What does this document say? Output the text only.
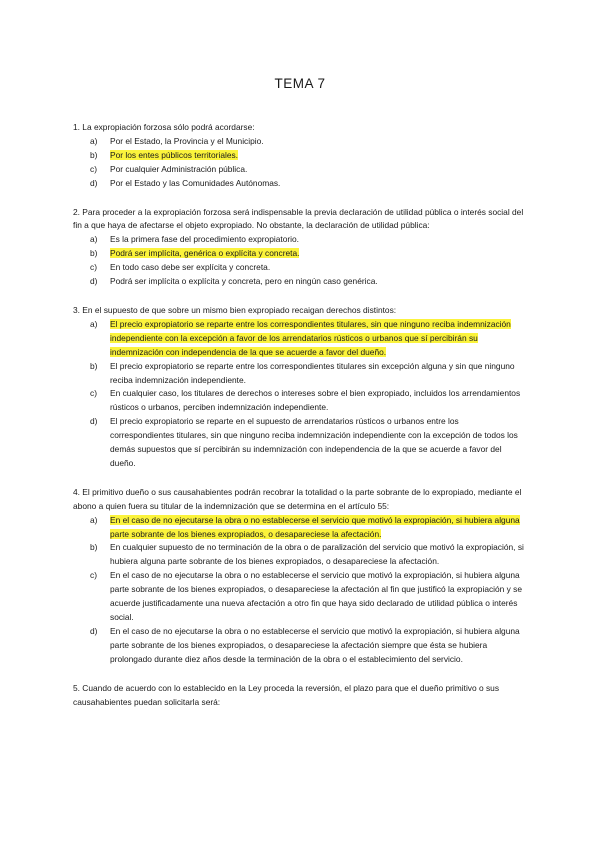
TEMA 7
1. La expropiación forzosa sólo podrá acordarse:
a) Por el Estado, la Provincia y el Municipio.
b) Por los entes públicos territoriales.
c) Por cualquier Administración pública.
d) Por el Estado y las Comunidades Autónomas.
2. Para proceder a la expropiación forzosa será indispensable la previa declaración de utilidad pública o interés social del fin a que haya de afectarse el objeto expropiado. No obstante, la declaración de utilidad pública:
a) Es la primera fase del procedimiento expropiatorio.
b) Podrá ser implícita, genérica o explícita y concreta.
c) En todo caso debe ser explícita y concreta.
d) Podrá ser implícita o explícita y concreta, pero en ningún caso genérica.
3. En el supuesto de que sobre un mismo bien expropiado recaigan derechos distintos:
a) El precio expropiatorio se reparte entre los correspondientes titulares, sin que ninguno reciba indemnización independiente con la excepción a favor de los arrendatarios rústicos o urbanos que sí percibirán su indemnización con independencia de la que se acuerde a favor del dueño.
b) El precio expropiatorio se reparte entre los correspondientes titulares sin excepción alguna y sin que ninguno reciba indemnización independiente.
c) En cualquier caso, los titulares de derechos o intereses sobre el bien expropiado, incluidos los arrendamientos rústicos o urbanos, perciben indemnización independiente.
d) El precio expropiatorio se reparte en el supuesto de arrendatarios rústicos o urbanos entre los correspondientes titulares, sin que ninguno reciba indemnización independiente con la excepción de todos los demás supuestos que sí percibirán su indemnización con independencia de la que se acuerde a favor del dueño.
4. El primitivo dueño o sus causahabientes podrán recobrar la totalidad o la parte sobrante de lo expropiado, mediante el abono a quien fuera su titular de la indemnización que se determina en el artículo 55:
a) En el caso de no ejecutarse la obra o no establecerse el servicio que motivó la expropiación, si hubiera alguna parte sobrante de los bienes expropiados, o desapareciese la afectación.
b) En cualquier supuesto de no terminación de la obra o de paralización del servicio que motivó la expropiación, si hubiera alguna parte sobrante de los bienes expropiados, o desapareciese la afectación.
c) En el caso de no ejecutarse la obra o no establecerse el servicio que motivó la expropiación, si hubiera alguna parte sobrante de los bienes expropiados, o desapareciese la afectación al fin que justificó la expropiación y se acuerde justificadamente una nueva afectación a otro fin que haya sido declarado de utilidad pública o interés social.
d) En el caso de no ejecutarse la obra o no establecerse el servicio que motivó la expropiación, si hubiera alguna parte sobrante de los bienes expropiados, o desapareciese la afectación siempre que ésta se hubiera prolongado durante diez años desde la terminación de la obra o el establecimiento del servicio.
5. Cuando de acuerdo con lo establecido en la Ley proceda la reversión, el plazo para que el dueño primitivo o sus causahabientes puedan solicitarla será:
